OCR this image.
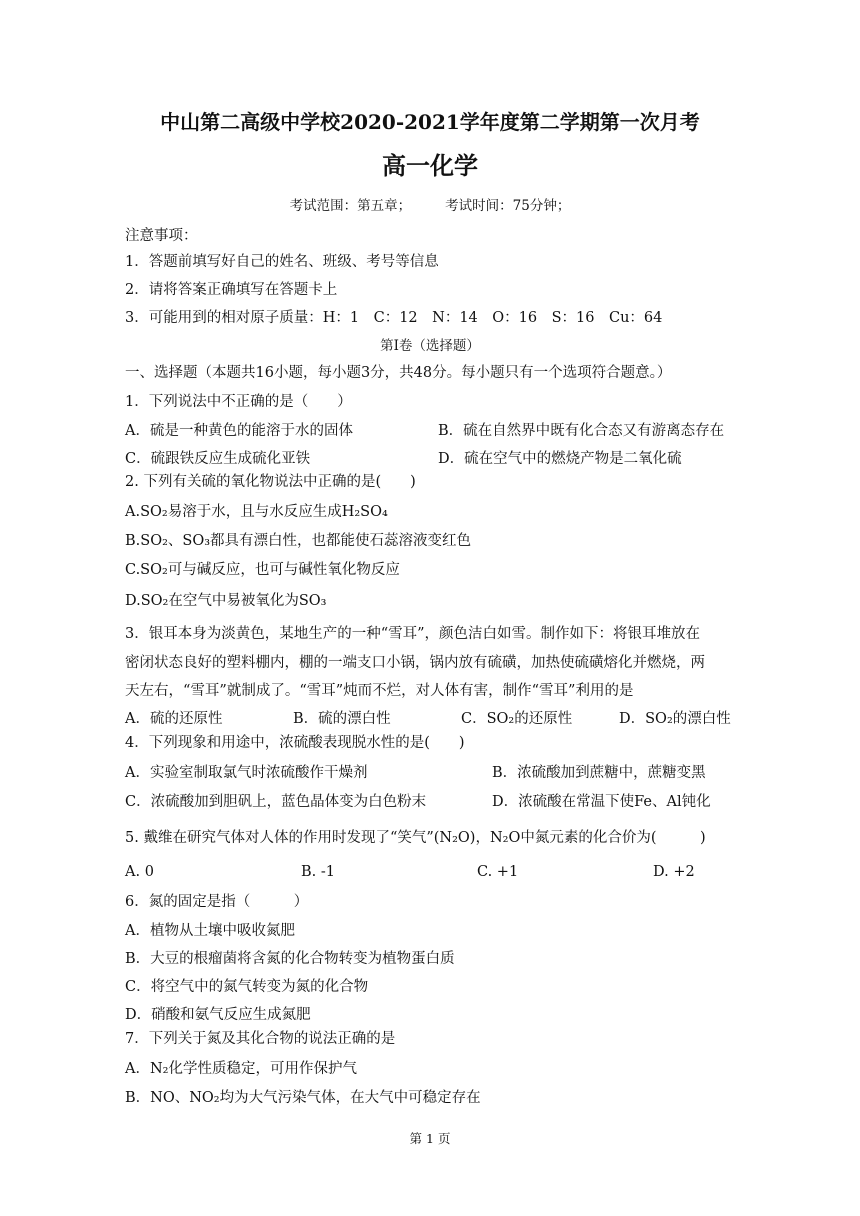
中山第二高级中学校2020-2021学年度第二学期第一次月考
高一化学
考试范围：第五章；	考试时间：75分钟；
注意事项：
1．答题前填写好自己的姓名、班级、考号等信息
2．请将答案正确填写在答题卡上
3．可能用到的相对原子质量：H：1　C：12　N：14　O：16　S：16　Cu：64
第I卷（选择题）
一、选择题（本题共16小题，每小题3分，共48分。每小题只有一个选项符合题意。）
1．下列说法中不正确的是（　　）
A．硫是一种黄色的能溶于水的固体	B．硫在自然界中既有化合态又有游离态存在
C．硫跟铁反应生成硫化亚铁	D．硫在空气中的燃烧产物是二氧化硫
2. 下列有关硫的氧化物说法中正确的是(　　)
A.SO₂易溶于水，且与水反应生成H₂SO₄
B.SO₂、SO₃都具有漂白性，也都能使石蕊溶液变红色
C.SO₂可与碱反应，也可与碱性氧化物反应
D.SO₂在空气中易被氧化为SO₃
3．银耳本身为淡黄色，某地生产的一种“雪耳”，颜色洁白如雪。制作如下：将银耳堆放在
密闭状态良好的塑料棚内，棚的一端支口小锅，锅内放有硫磺，加热使硫磺熔化并燃烧，两
天左右，“雪耳”就制成了。“雪耳”炖而不烂，对人体有害，制作“雪耳”利用的是
A．硫的还原性	B．硫的漂白性	C．SO₂的还原性	D．SO₂的漂白性
4．下列现象和用途中，浓硫酸表现脱水性的是(　　)
A．实验室制取氯气时浓硫酸作干燥剂	B．浓硫酸加到蔗糖中，蔗糖变黑
C．浓硫酸加到胆矾上，蓝色晶体变为白色粉末	D．浓硫酸在常温下使Fe、Al钝化
5. 戴维在研究气体对人体的作用时发现了“笑气”(N₂O)，N₂O中氮元素的化合价为(　　　)
A. 0	B. -1	C. +1	D. +2
6．氮的固定是指（　　　）
A．植物从土壤中吸收氮肥
B．大豆的根瘤菌将含氮的化合物转变为植物蛋白质
C．将空气中的氮气转变为氮的化合物
D．硝酸和氨气反应生成氮肥
7．下列关于氮及其化合物的说法正确的是
A．N₂化学性质稳定，可用作保护气
B．NO、NO₂均为大气污染气体，在大气中可稳定存在
第 1 页
